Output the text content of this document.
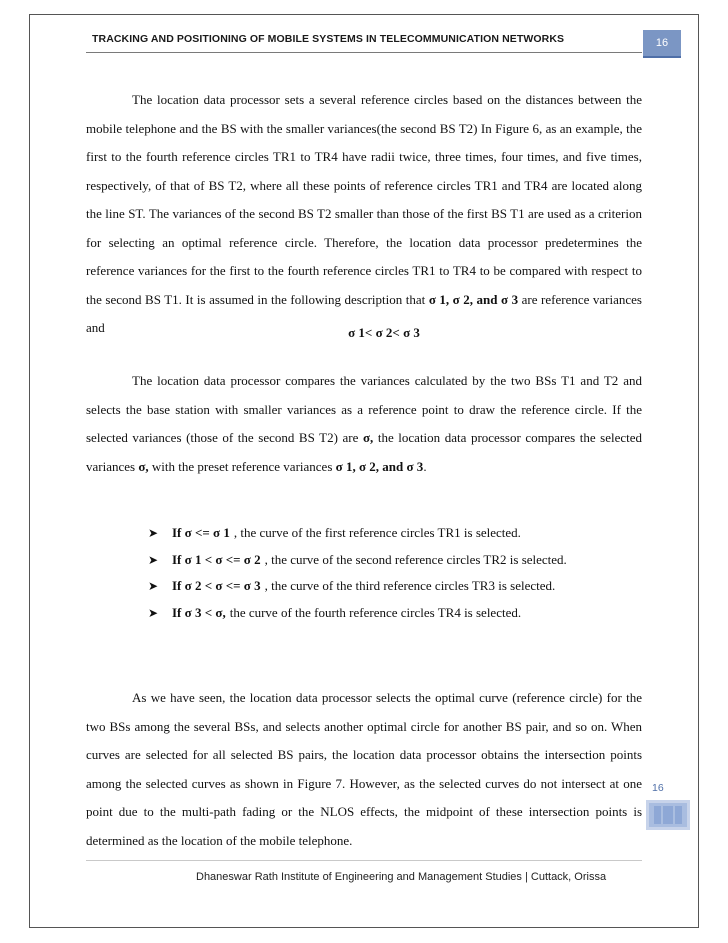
TRACKING AND POSITIONING OF MOBILE SYSTEMS IN TELECOMMUNICATION NETWORKS	16

The location data processor sets a several reference circles based on the distances between the mobile telephone and the BS with the smaller variances(the second BS T2) In Figure 6, as an example, the first to the fourth reference circles TR1 to TR4 have radii twice, three times, four times, and five times, respectively, of that of BS T2, where all these points of reference circles TR1 and TR4 are located along the line ST. The variances of the second BS T2 smaller than those of the first BS T1 are used as a criterion for selecting an optimal reference circle. Therefore, the location data processor predetermines the reference variances for the first to the fourth reference circles TR1 to TR4 to be compared with respect to the second BS T1. It is assumed in the following description that σ 1, σ 2, and σ 3 are reference variances and	σ 1< σ 2< σ 3

The location data processor compares the variances calculated by the two BSs T1 and T2 and selects the base station with smaller variances as a reference point to draw the reference circle. If the selected variances (those of the second BS T2) are σ, the location data processor compares the selected variances σ, with the preset reference variances σ 1, σ 2, and σ 3.

➤	If σ <= σ 1 , the curve of the first reference circles TR1 is selected.
➤	If σ 1 < σ <= σ 2 , the curve of the second reference circles TR2 is selected.
➤	If σ 2 < σ <= σ 3 , the curve of the third reference circles TR3 is selected.
➤	If σ 3 < σ, the curve of the fourth reference circles TR4 is selected.

As we have seen, the location data processor selects the optimal curve (reference circle) for the two BSs among the several BSs, and selects another optimal circle for another BS pair, and so on. When curves are selected for all selected BS pairs, the location data processor obtains the intersection points among the selected curves as shown in Figure 7. However, as the selected curves do not intersect at one point due to the multi-path fading or the NLOS effects, the midpoint of these intersection points is determined as the location of the mobile telephone.

16
Dhaneswar Rath Institute of Engineering and Management Studies | Cuttack, Orissa
